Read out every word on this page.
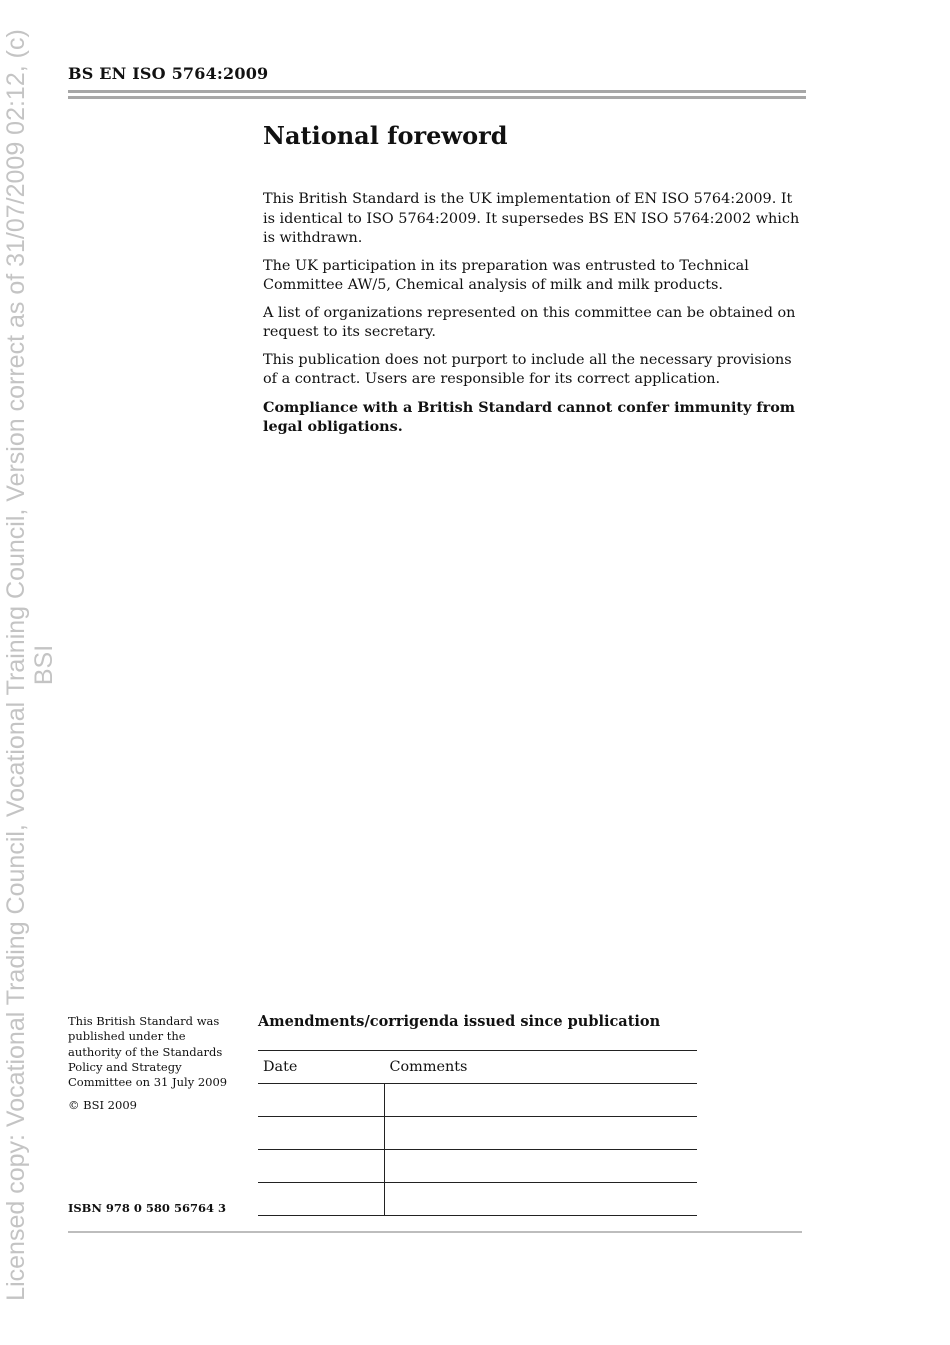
Licensed copy: Vocational Trading Council, Vocational Training Council, Version correct as of 31/07/2009 02:12, (c) BSI
BS EN ISO 5764:2009
National foreword

This British Standard is the UK implementation of EN ISO 5764:2009. It is identical to ISO 5764:2009. It supersedes BS EN ISO 5764:2002 which is withdrawn.

The UK participation in its preparation was entrusted to Technical Committee AW/5, Chemical analysis of milk and milk products.

A list of organizations represented on this committee can be obtained on request to its secretary.

This publication does not purport to include all the necessary provisions of a contract. Users are responsible for its correct application.

Compliance with a British Standard cannot confer immunity from legal obligations.

This British Standard was published under the authority of the Standards Policy and Strategy Committee on 31 July 2009

© BSI 2009

ISBN 978 0 580 56764 3
Amendments/corrigenda issued since publication
Date	Comments
